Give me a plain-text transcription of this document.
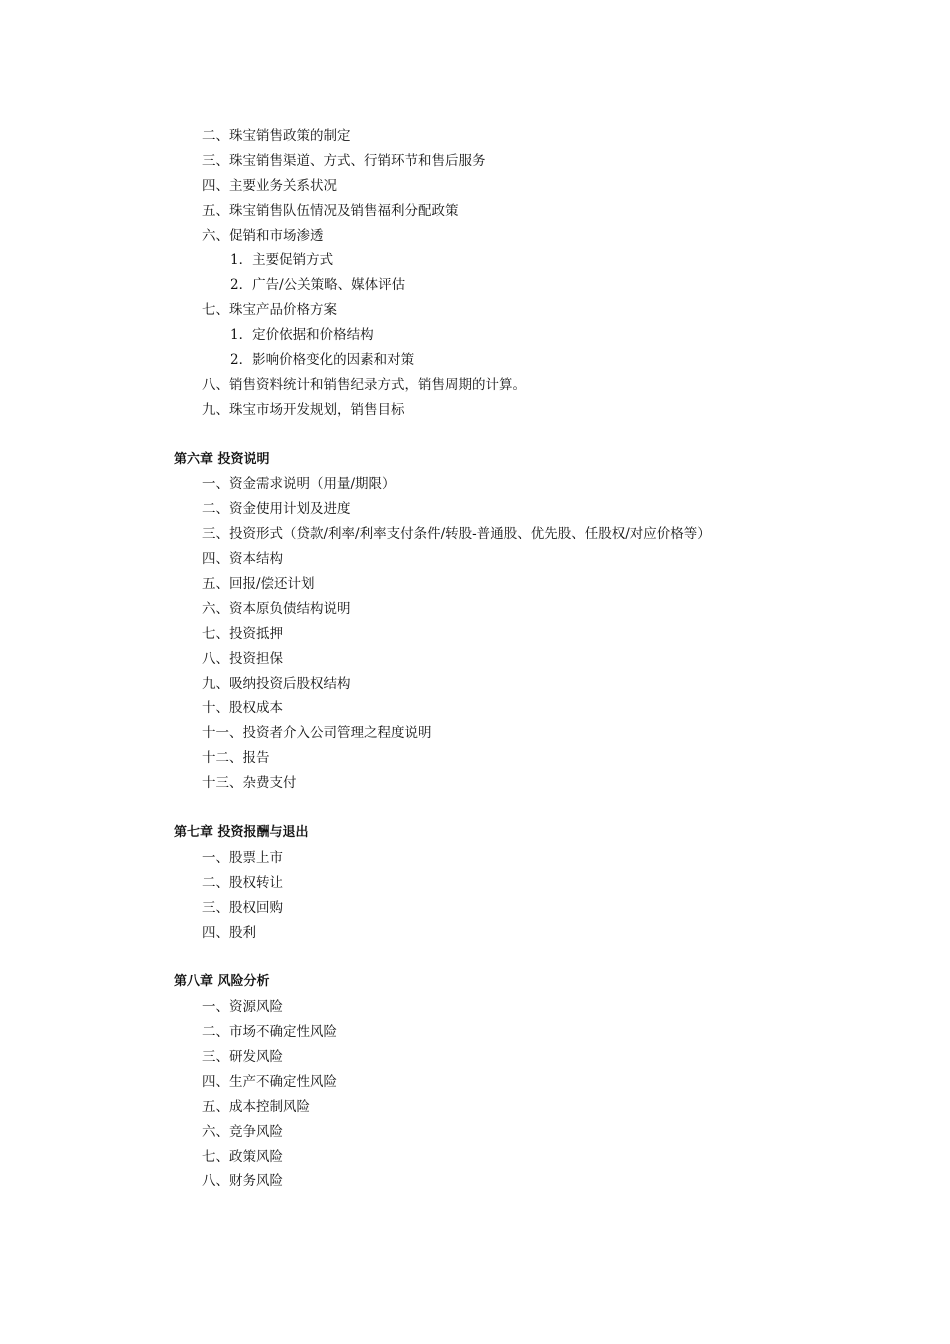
二、珠宝销售政策的制定
三、珠宝销售渠道、方式、行销环节和售后服务
四、主要业务关系状况
五、珠宝销售队伍情况及销售福利分配政策
六、促销和市场渗透
1．主要促销方式
2．广告/公关策略、媒体评估
七、珠宝产品价格方案
1．定价依据和价格结构
2．影响价格变化的因素和对策
八、销售资料统计和销售纪录方式，销售周期的计算。
九、珠宝市场开发规划，销售目标
第六章 投资说明
一、资金需求说明（用量/期限）
二、资金使用计划及进度
三、投资形式（贷款/利率/利率支付条件/转股-普通股、优先股、任股权/对应价格等）
四、资本结构
五、回报/偿还计划
六、资本原负债结构说明
七、投资抵押
八、投资担保
九、吸纳投资后股权结构
十、股权成本
十一、投资者介入公司管理之程度说明
十二、报告
十三、杂费支付
第七章 投资报酬与退出
一、股票上市
二、股权转让
三、股权回购
四、股利
第八章 风险分析
一、资源风险
二、市场不确定性风险
三、研发风险
四、生产不确定性风险
五、成本控制风险
六、竞争风险
七、政策风险
八、财务风险
